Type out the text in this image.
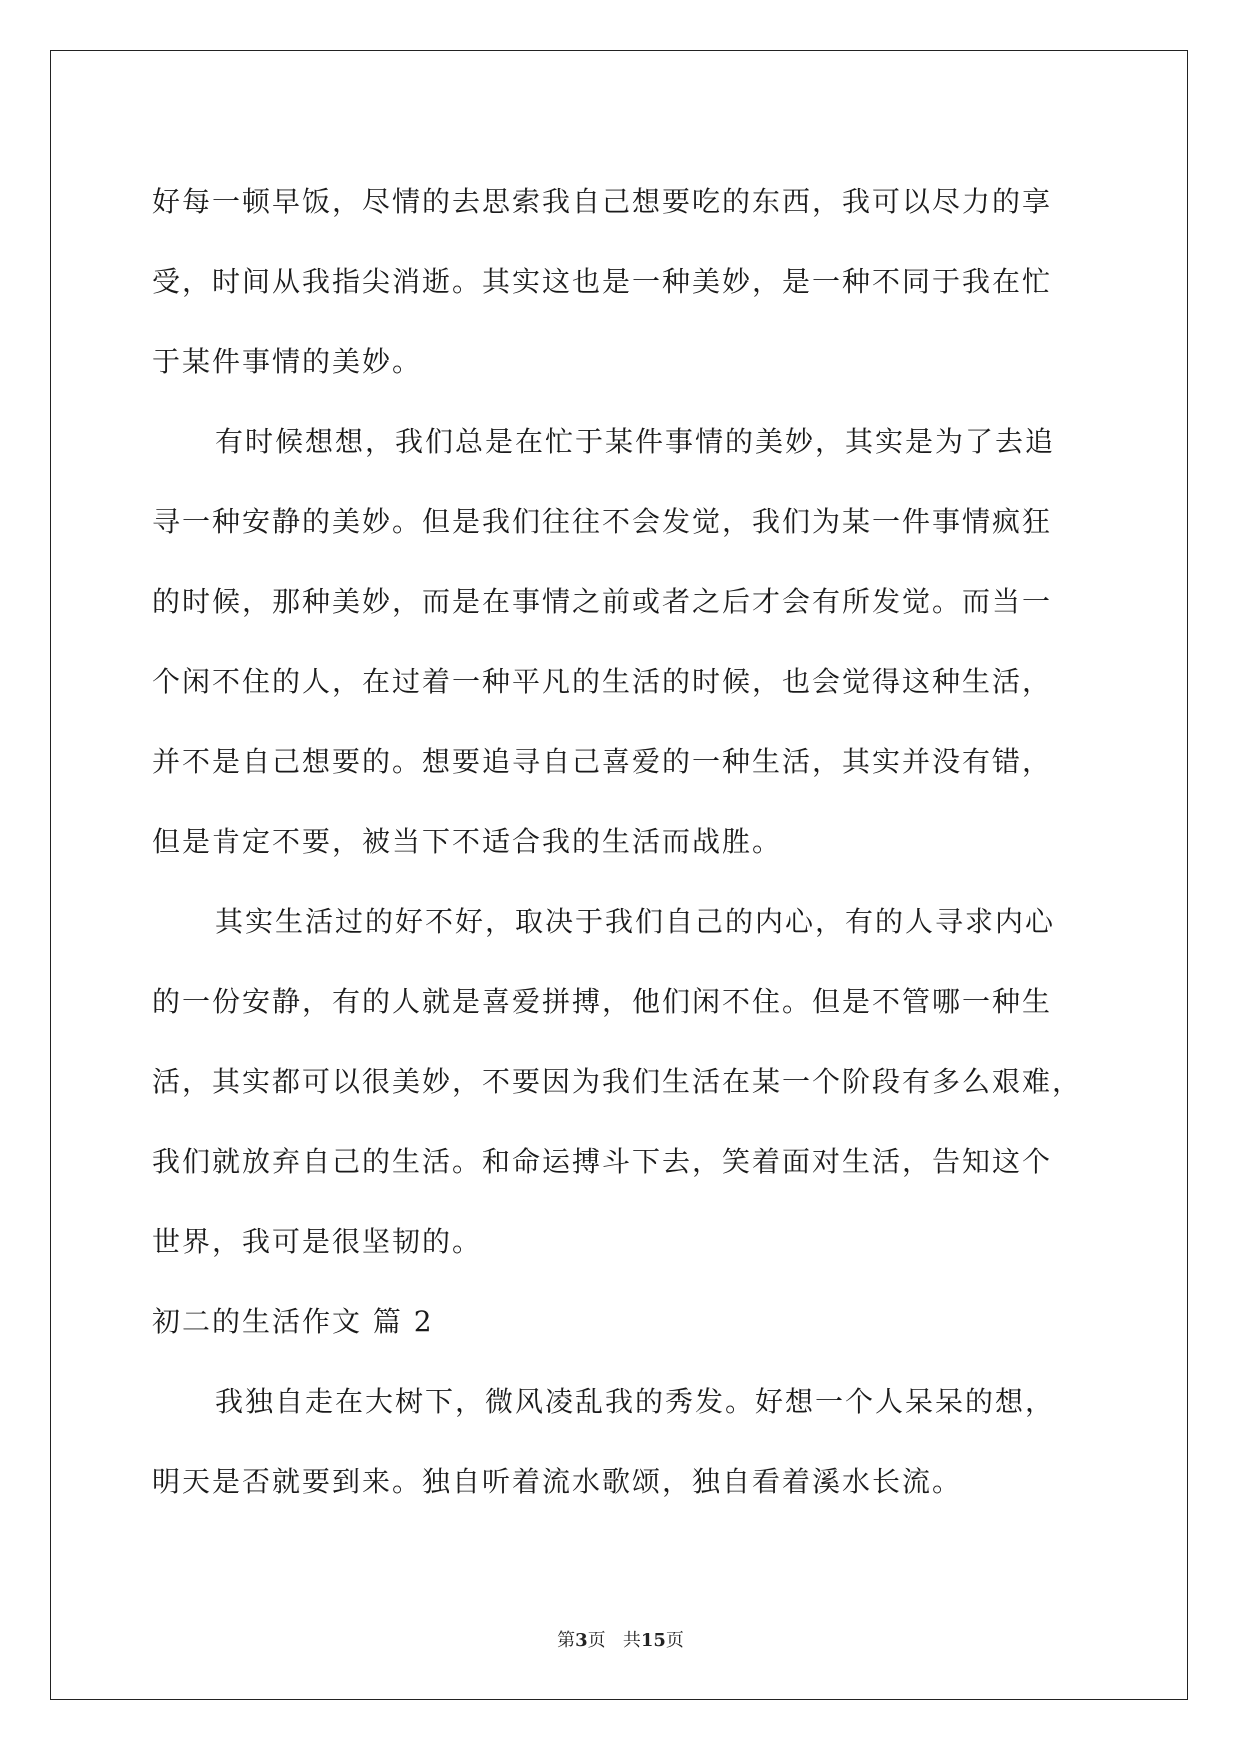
好每一顿早饭，尽情的去思索我自己想要吃的东西，我可以尽力的享
受，时间从我指尖消逝。其实这也是一种美妙，是一种不同于我在忙
于某件事情的美妙。
有时候想想，我们总是在忙于某件事情的美妙，其实是为了去追
寻一种安静的美妙。但是我们往往不会发觉，我们为某一件事情疯狂
的时候，那种美妙，而是在事情之前或者之后才会有所发觉。而当一
个闲不住的人，在过着一种平凡的生活的时候，也会觉得这种生活，
并不是自己想要的。想要追寻自己喜爱的一种生活，其实并没有错，
但是肯定不要，被当下不适合我的生活而战胜。
其实生活过的好不好，取决于我们自己的内心，有的人寻求内心
的一份安静，有的人就是喜爱拼搏，他们闲不住。但是不管哪一种生
活，其实都可以很美妙，不要因为我们生活在某一个阶段有多么艰难，
我们就放弃自己的生活。和命运搏斗下去，笑着面对生活，告知这个
世界，我可是很坚韧的。
初二的生活作文 篇 2
我独自走在大树下，微风凌乱我的秀发。好想一个人呆呆的想，
明天是否就要到来。独自听着流水歌颂，独自看着溪水长流。
第3页 共15页
